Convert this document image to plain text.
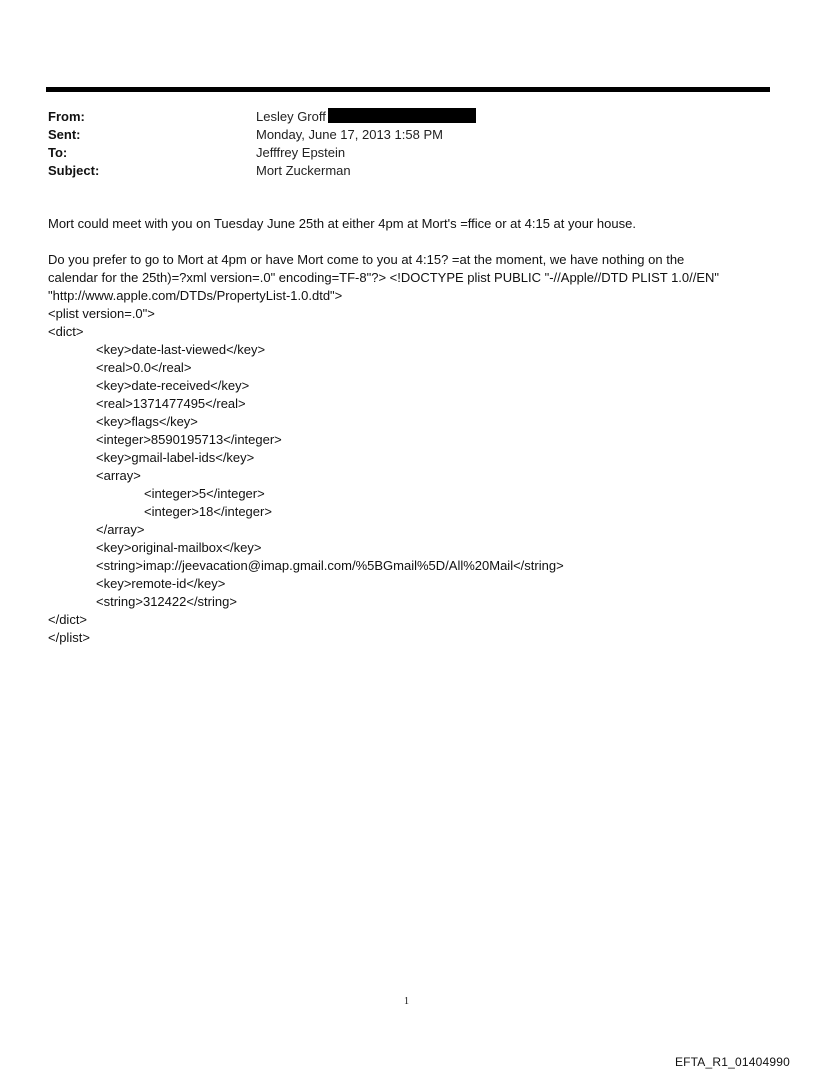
From:	Lesley Groff
Sent:	Monday, June 17, 2013 1:58 PM
To:	Jefffrey Epstein
Subject:	Mort Zuckerman

Mort could meet with you on Tuesday June 25th at either 4pm at Mort's =ffice or at 4:15 at your house.

Do you prefer to go to Mort at 4pm or have Mort come to you at 4:15? =at the moment, we have nothing on the
calendar for the 25th)=?xml version=.0" encoding=TF-8"?> <!DOCTYPE plist PUBLIC "-//Apple//DTD PLIST 1.0//EN"
"http://www.apple.com/DTDs/PropertyList-1.0.dtd">
<plist version=.0">
<dict>
<key>date-last-viewed</key>
<real>0.0</real>
<key>date-received</key>
<real>1371477495</real>
<key>flags</key>
<integer>8590195713</integer>
<key>gmail-label-ids</key>
<array>
<integer>5</integer>
<integer>18</integer>
</array>
<key>original-mailbox</key>
<string>imap://jeevacation@imap.gmail.com/%5BGmail%5D/All%20Mail</string>
<key>remote-id</key>
<string>312422</string>
</dict>
</plist>
1
EFTA_R1_01404990
